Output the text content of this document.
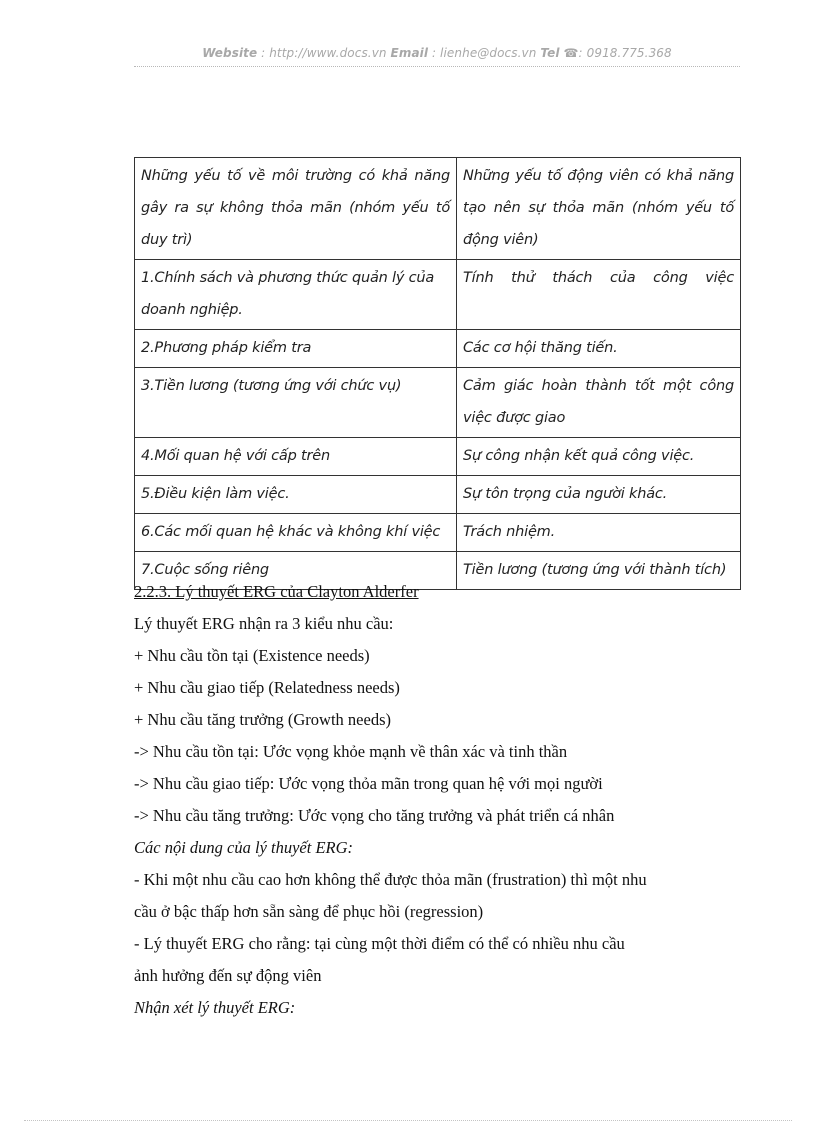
Website : http://www.docs.vn Email : lienhe@docs.vn Tel ☎: 0918.775.368
Những yếu tố về môi trường có khả năng gây ra sự không thỏa mãn (nhóm yếu tố duy trì)	Những yếu tố động viên có khả năng tạo nên sự thỏa mãn (nhóm yếu tố động viên)
1.Chính sách và phương thức quản lý của doanh nghiệp.	Tính thử thách của công việc
2.Phương pháp kiểm tra	Các cơ hội thăng tiến.
3.Tiền lương (tương ứng với chức vụ)	Cảm giác hoàn thành tốt một công việc được giao
4.Mối quan hệ với cấp trên	Sự công nhận kết quả công việc.
5.Điều kiện làm việc.	Sự tôn trọng của người khác.
6.Các mối quan hệ khác và không khí việc	Trách nhiệm.
7.Cuộc sống riêng	Tiền lương (tương ứng với thành tích)

2.2.3. Lý thuyết ERG của Clayton Alderfer

Lý thuyết ERG nhận ra 3 kiểu nhu cầu:

+ Nhu cầu tồn tại (Existence needs)

+ Nhu cầu giao tiếp (Relatedness needs)

+ Nhu cầu tăng trưởng (Growth needs)

-> Nhu cầu tồn tại: Ước vọng khỏe mạnh về thân xác và tinh thần

-> Nhu cầu giao tiếp: Ước vọng thỏa mãn trong quan hệ với mọi người

-> Nhu cầu tăng trưởng: Ước vọng cho tăng trưởng và phát triển cá nhân

Các nội dung của lý thuyết ERG:

- Khi một nhu cầu cao hơn không thể được thỏa mãn (frustration) thì một nhu

cầu ở bậc thấp hơn sẵn sàng để phục hồi (regression)

- Lý thuyết ERG cho rằng: tại cùng một thời điểm có thể có nhiều nhu cầu

ảnh hưởng đến sự động viên

Nhận xét lý thuyết ERG:
